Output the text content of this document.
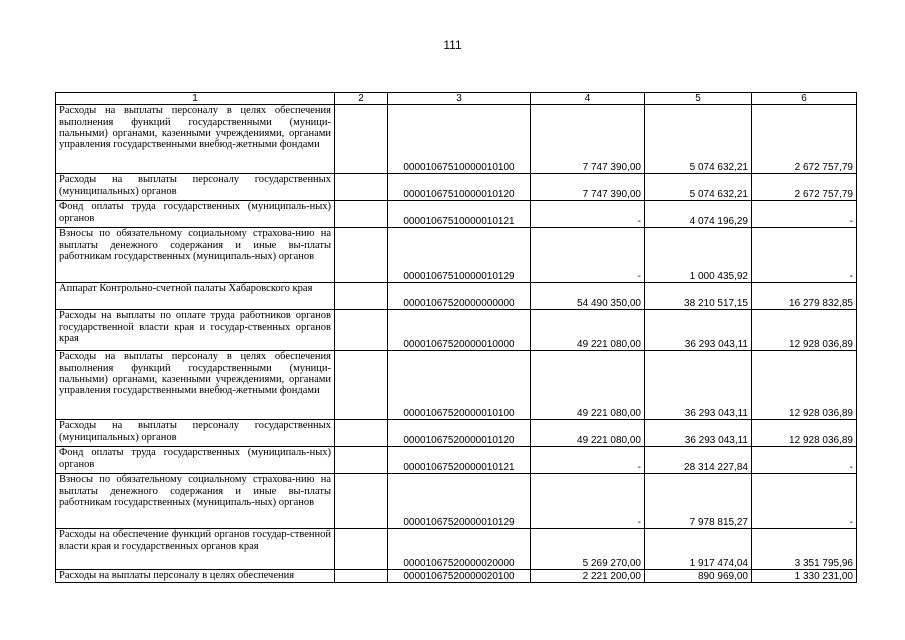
111
1	2	3	4	5	6
Расходы на выплаты персоналу в целях обеспечения выполнения функций государственными (муници-пальными) органами, казенными учреждениями, органами управления государственными внебюд-жетными фондами		00001067510000010100	7 747 390,00	5 074 632,21	2 672 757,79
Расходы на выплаты персоналу государственных (муниципальных) органов		00001067510000010120	7 747 390,00	5 074 632,21	2 672 757,79
Фонд оплаты труда государственных (муниципаль-ных) органов		00001067510000010121	-	4 074 196,29	-
Взносы по обязательному социальному страхова-нию на выплаты денежного содержания и иные вы-платы работникам государственных (муниципаль-ных) органов		00001067510000010129	-	1 000 435,92	-
Аппарат Контрольно-счетной палаты Хабаровского края		00001067520000000000	54 490 350,00	38 210 517,15	16 279 832,85
Расходы на выплаты по оплате труда работников органов государственной власти края и государ-ственных органов края		00001067520000010000	49 221 080,00	36 293 043,11	12 928 036,89
Расходы на выплаты персоналу в целях обеспечения выполнения функций государственными (муници-пальными) органами, казенными учреждениями, органами управления государственными внебюд-жетными фондами		00001067520000010100	49 221 080,00	36 293 043,11	12 928 036,89
Расходы на выплаты персоналу государственных (муниципальных) органов		00001067520000010120	49 221 080,00	36 293 043,11	12 928 036,89
Фонд оплаты труда государственных (муниципаль-ных) органов		00001067520000010121	-	28 314 227,84	-
Взносы по обязательному социальному страхова-нию на выплаты денежного содержания и иные вы-платы работникам государственных (муниципаль-ных) органов		00001067520000010129	-	7 978 815,27	-
Расходы на обеспечение функций органов государ-ственной власти края и государственных органов края		00001067520000020000	5 269 270,00	1 917 474,04	3 351 795,96
Расходы на выплаты персоналу в целях обеспечения		00001067520000020100	2 221 200,00	890 969,00	1 330 231,00
